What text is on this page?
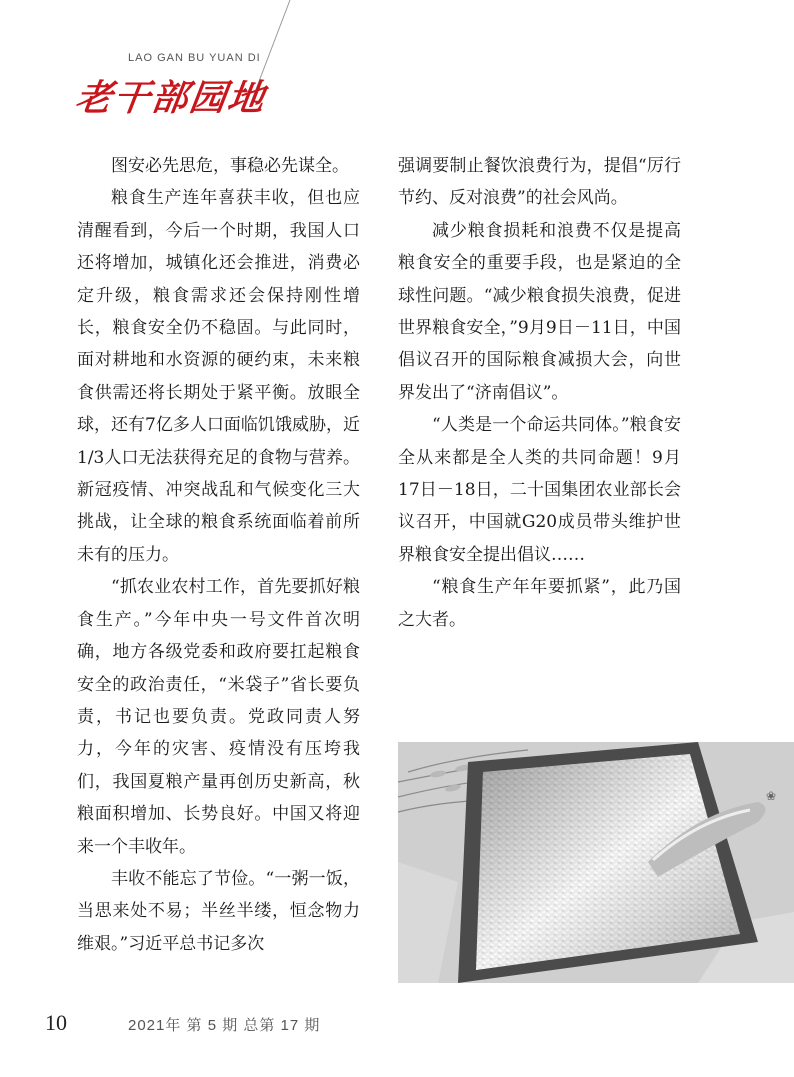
LAO GAN BU YUAN DI
老干部园地

图安必先思危，事稳必先谋全。

粮食生产连年喜获丰收，但也应清醒看到，今后一个时期，我国人口还将增加，城镇化还会推进，消费必定升级，粮食需求还会保持刚性增长，粮食安全仍不稳固。与此同时，面对耕地和水资源的硬约束，未来粮食供需还将长期处于紧平衡。放眼全球，还有7亿多人口面临饥饿威胁，近1/3人口无法获得充足的食物与营养。新冠疫情、冲突战乱和气候变化三大挑战，让全球的粮食系统面临着前所未有的压力。

“抓农业农村工作，首先要抓好粮食生产。”今年中央一号文件首次明确，地方各级党委和政府要扛起粮食安全的政治责任，“米袋子”省长要负责，书记也要负责。党政同责人努力，今年的灾害、疫情没有压垮我们，我国夏粮产量再创历史新高，秋粮面积增加、长势良好。中国又将迎来一个丰收年。

丰收不能忘了节俭。“一粥一饭，当思来处不易；半丝半缕，恒念物力维艰。”习近平总书记多次

强调要制止餐饮浪费行为，提倡“厉行节约、反对浪费”的社会风尚。

减少粮食损耗和浪费不仅是提高粮食安全的重要手段，也是紧迫的全球性问题。“减少粮食损失浪费，促进世界粮食安全，”9月9日－11日，中国倡议召开的国际粮食减损大会，向世界发出了“济南倡议”。

“人类是一个命运共同体。”粮食安全从来都是全人类的共同命题！9月17日－18日，二十国集团农业部长会议召开，中国就G20成员带头维护世界粮食安全提出倡议……

“粮食生产年年要抓紧”，此乃国之大者。

❀
10	2021年 第 5 期 总第 17 期
